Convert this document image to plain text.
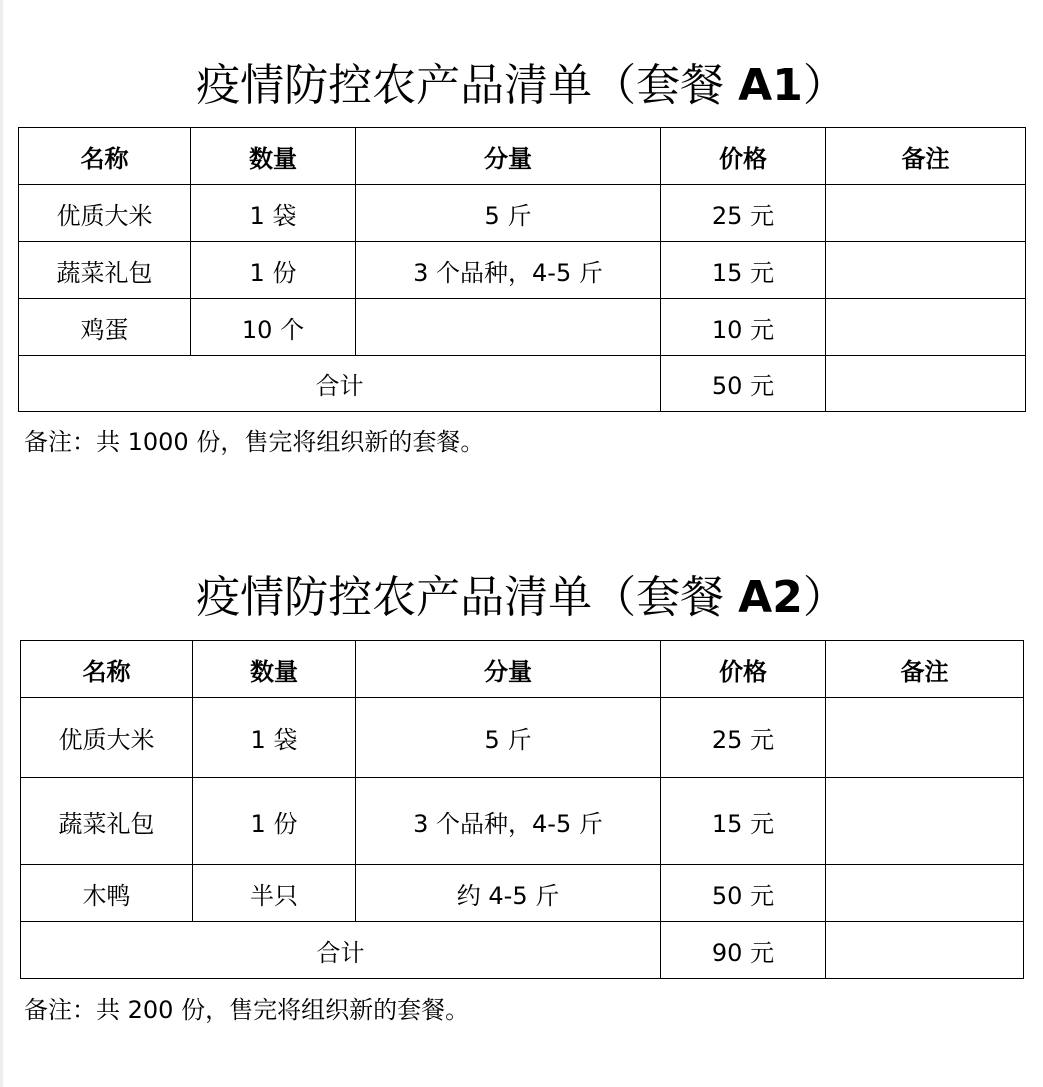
疫情防控农产品清单（套餐 A1）
名称	数量	分量	价格	备注
优质大米	1 袋	5 斤	25 元	
蔬菜礼包	1 份	3 个品种，4-5 斤	15 元	
鸡蛋	10 个		10 元	
合计			50 元	
备注：共 1000 份，售完将组织新的套餐。
疫情防控农产品清单（套餐 A2）
名称	数量	分量	价格	备注
优质大米	1 袋	5 斤	25 元	
蔬菜礼包	1 份	3 个品种，4-5 斤	15 元	
木鸭	半只	约 4-5 斤	50 元	
合计			90 元	
备注：共 200 份，售完将组织新的套餐。
